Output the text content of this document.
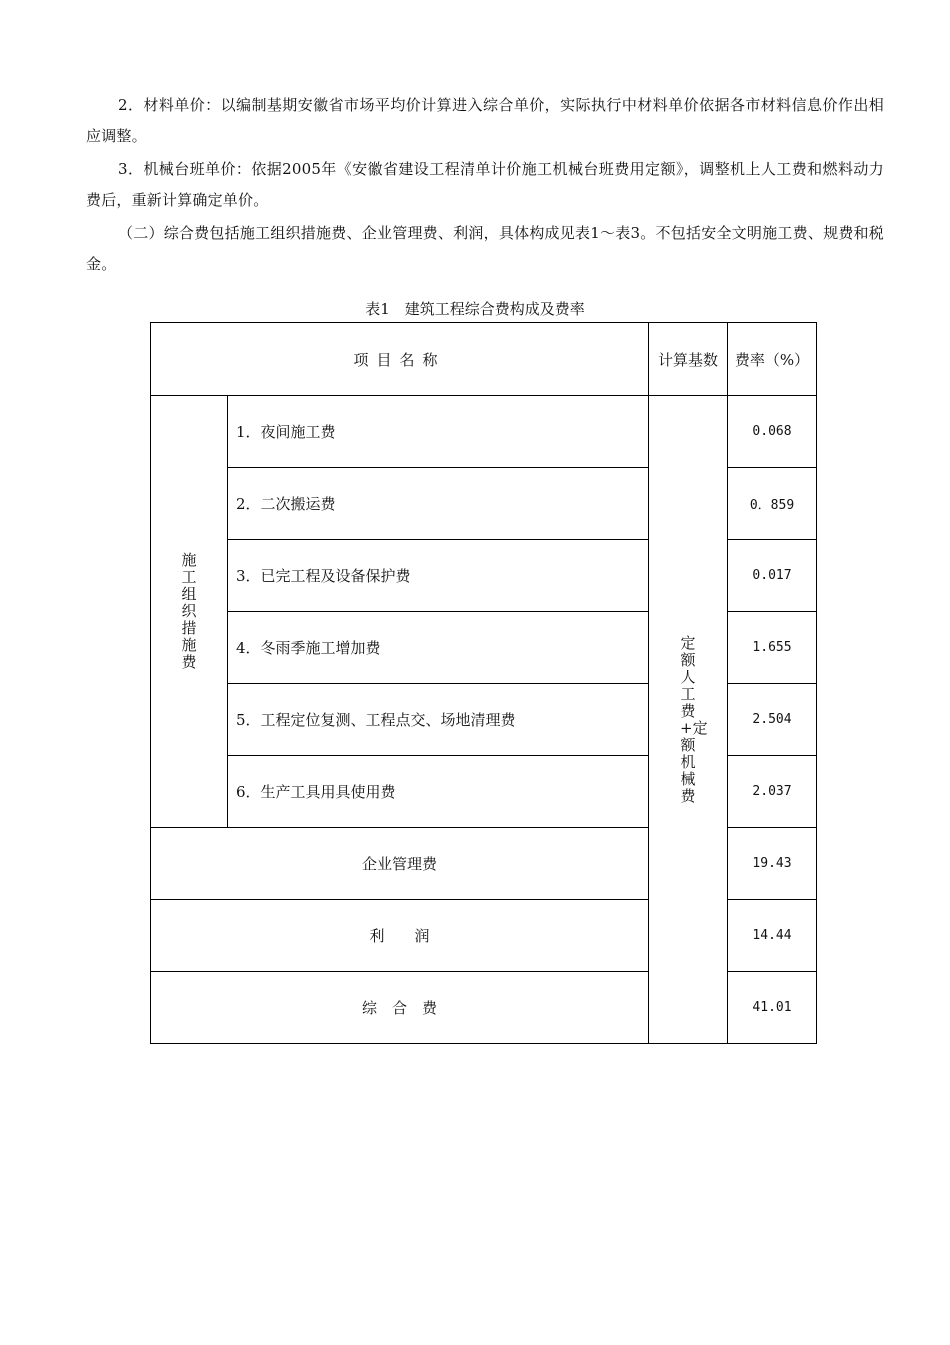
2．材料单价：以编制基期安徽省市场平均价计算进入综合单价，实际执行中材料单价依据各市材料信息价作出相应调整。

3．机械台班单价：依据2005年《安徽省建设工程清单计价施工机械台班费用定额》，调整机上人工费和燃料动力费后，重新计算确定单价。

（二）综合费包括施工组织措施费、企业管理费、利润，具体构成见表1～表3。不包括安全文明施工费、规费和税金。

表1　建筑工程综合费构成及费率
项目名称		计算基数	费率（%）
施工组织措施费	1．夜间施工费	定额人工费+定额机械费	0.068
	2．二次搬运费		0．859
	3．已完工程及设备保护费		0.017
	4．冬雨季施工增加费		1.655
	5．工程定位复测、工程点交、场地清理费		2.504
	6．生产工具用具使用费		2.037
企业管理费			19.43
利　　润			14.44
综　合　费			41.01
